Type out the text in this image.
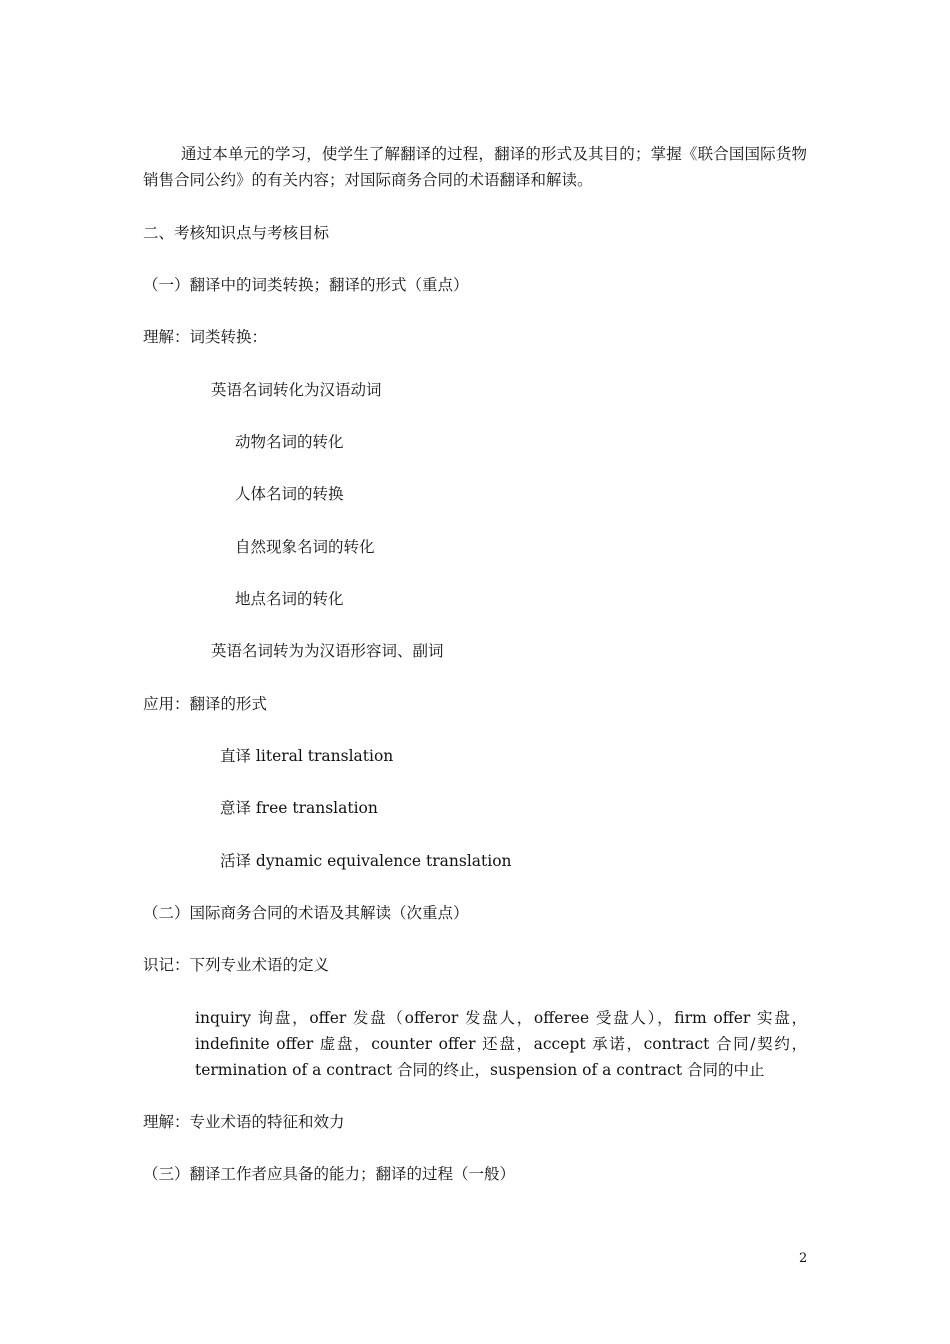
通过本单元的学习，使学生了解翻译的过程，翻译的形式及其目的；掌握《联合国国际货物销售合同公约》的有关内容；对国际商务合同的术语翻译和解读。
二、考核知识点与考核目标
（一）翻译中的词类转换；翻译的形式（重点）
理解：词类转换：
英语名词转化为汉语动词
动物名词的转化
人体名词的转换
自然现象名词的转化
地点名词的转化
英语名词转为为汉语形容词、副词
应用：翻译的形式
直译 literal translation
意译 free translation
活译 dynamic equivalence translation
（二）国际商务合同的术语及其解读（次重点）
识记：下列专业术语的定义
inquiry 询盘，offer 发盘（offeror 发盘人，offeree 受盘人），firm offer 实盘，indefinite offer 虚盘，counter offer 还盘，accept 承诺，contract 合同/契约，termination of a contract 合同的终止，suspension of a contract 合同的中止
理解：专业术语的特征和效力
（三）翻译工作者应具备的能力；翻译的过程（一般）
2
